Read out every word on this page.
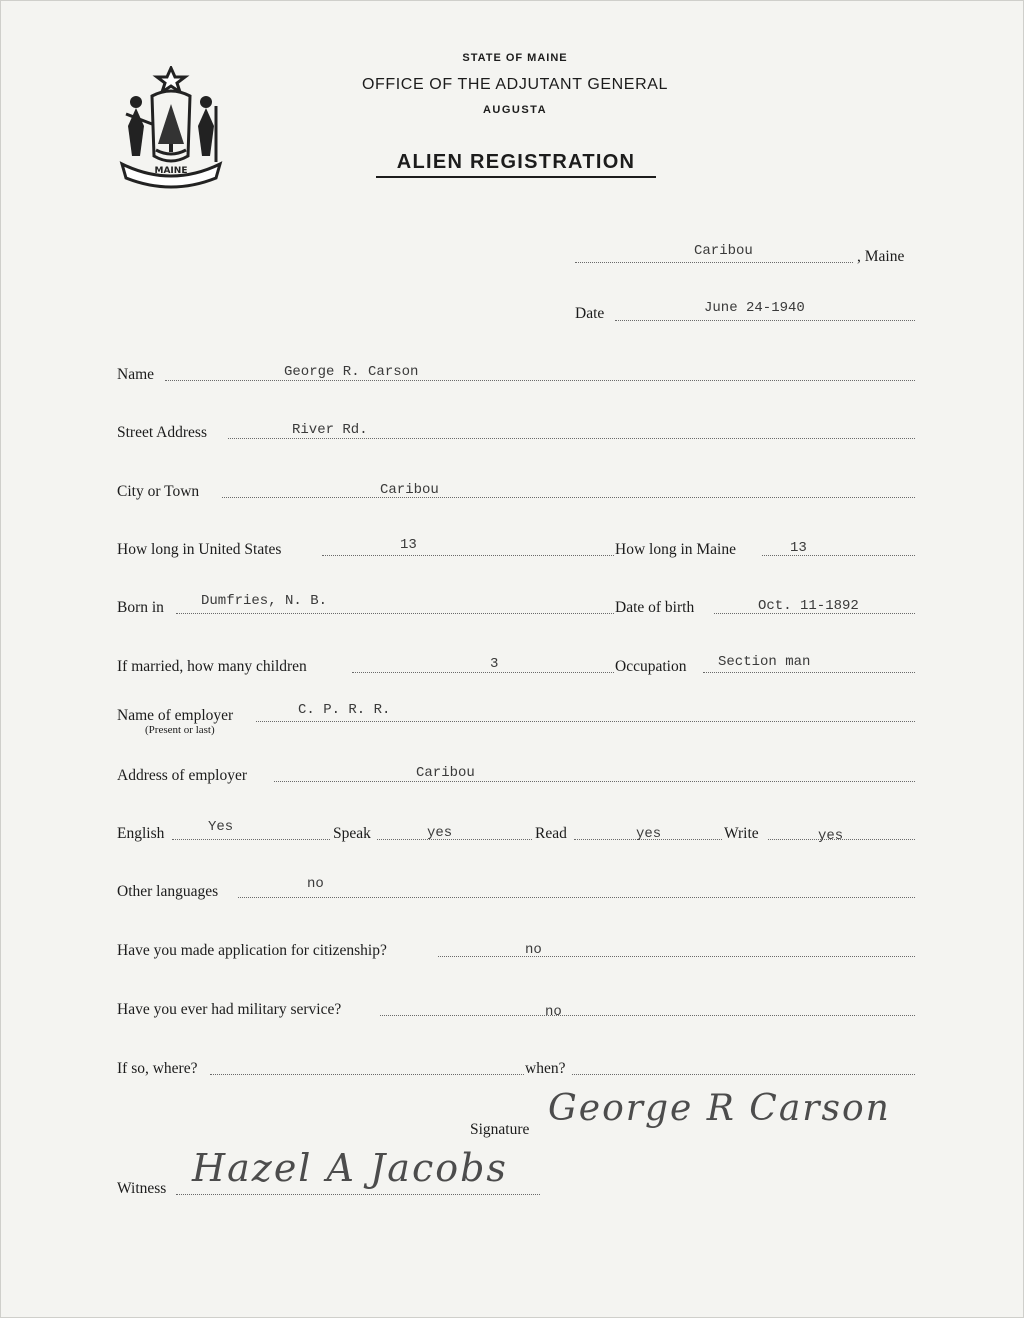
MAINE
STATE OF MAINE
OFFICE OF THE ADJUTANT GENERAL
AUGUSTA
ALIEN REGISTRATION
Caribou	, Maine
Date	June 24-1940
Name	George R. Carson
Street Address	River Rd.
City or Town	Caribou
How long in United States	13	How long in Maine	13
Born in	Dumfries, N. B.	Date of birth	Oct. 11-1892
If married, how many children	3	Occupation Section man
Name of employer
(Present or last)
C. P. R. R.
Address of employer	Caribou
English	Yes	Speak	yes	Read	yes	Write	yes
Other languages	no
Have you made application for citizenship?	no
Have you ever had military service?	no
If so, where?	when?
Signature
George R Carson
Witness Hazel A Jacobs
